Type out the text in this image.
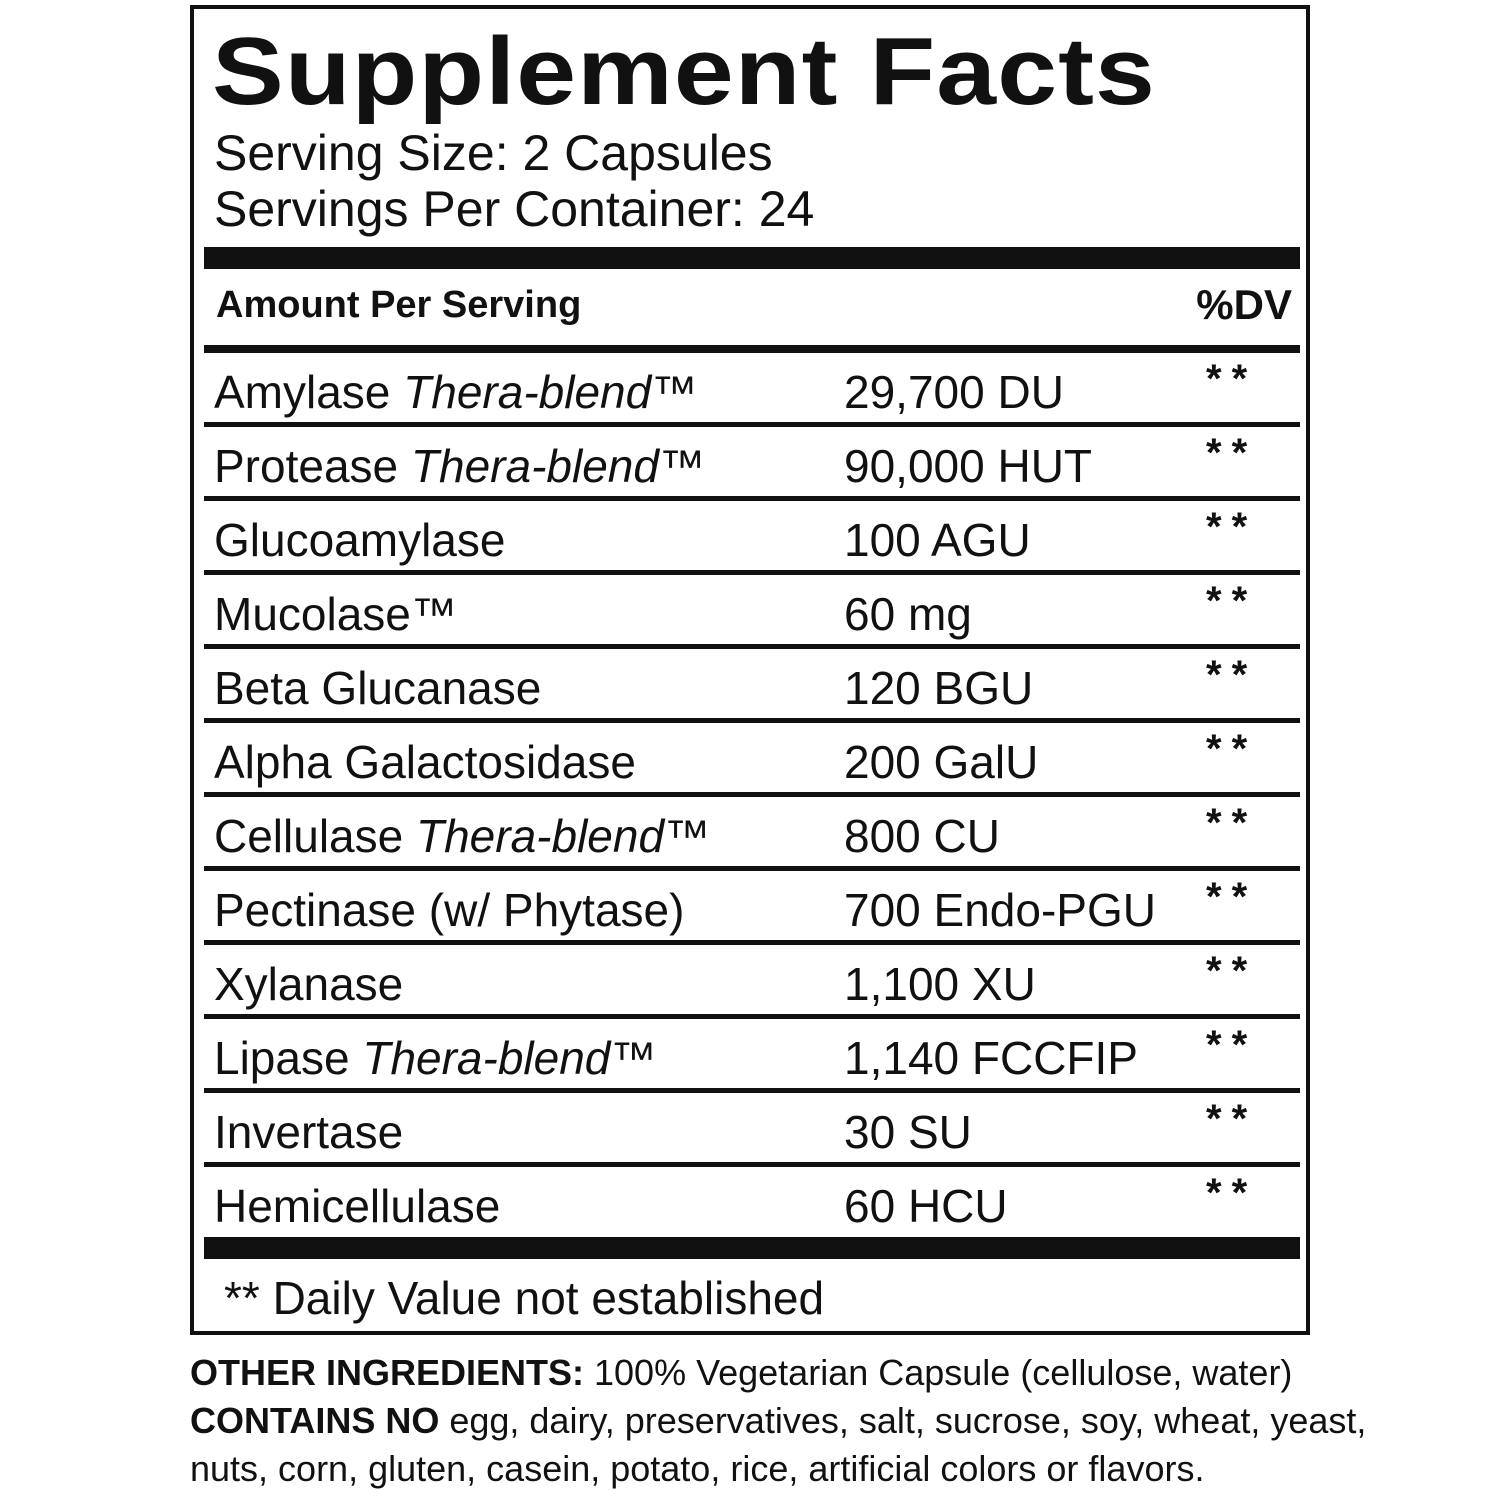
Supplement Facts
Serving Size: 2 Capsules
Servings Per Container: 24
Amount Per Serving	%DV
Amylase Thera-blend™	29,700 DU	**
Protease Thera-blend™	90,000 HUT	**
Glucoamylase	100 AGU	**
Mucolase™	60 mg	**
Beta Glucanase	120 BGU	**
Alpha Galactosidase	200 GalU	**
Cellulase Thera-blend™	800 CU	**
Pectinase (w/ Phytase)	700 Endo-PGU **
Xylanase	1,100 XU	**
Lipase Thera-blend™	1,140 FCCFIP **
Invertase	30 SU	**
Hemicellulase	60 HCU	**
** Daily Value not established
OTHER INGREDIENTS: 100% Vegetarian Capsule (cellulose, water)
CONTAINS NO egg, dairy, preservatives, salt, sucrose, soy, wheat, yeast,
nuts, corn, gluten, casein, potato, rice, artificial colors or flavors.
